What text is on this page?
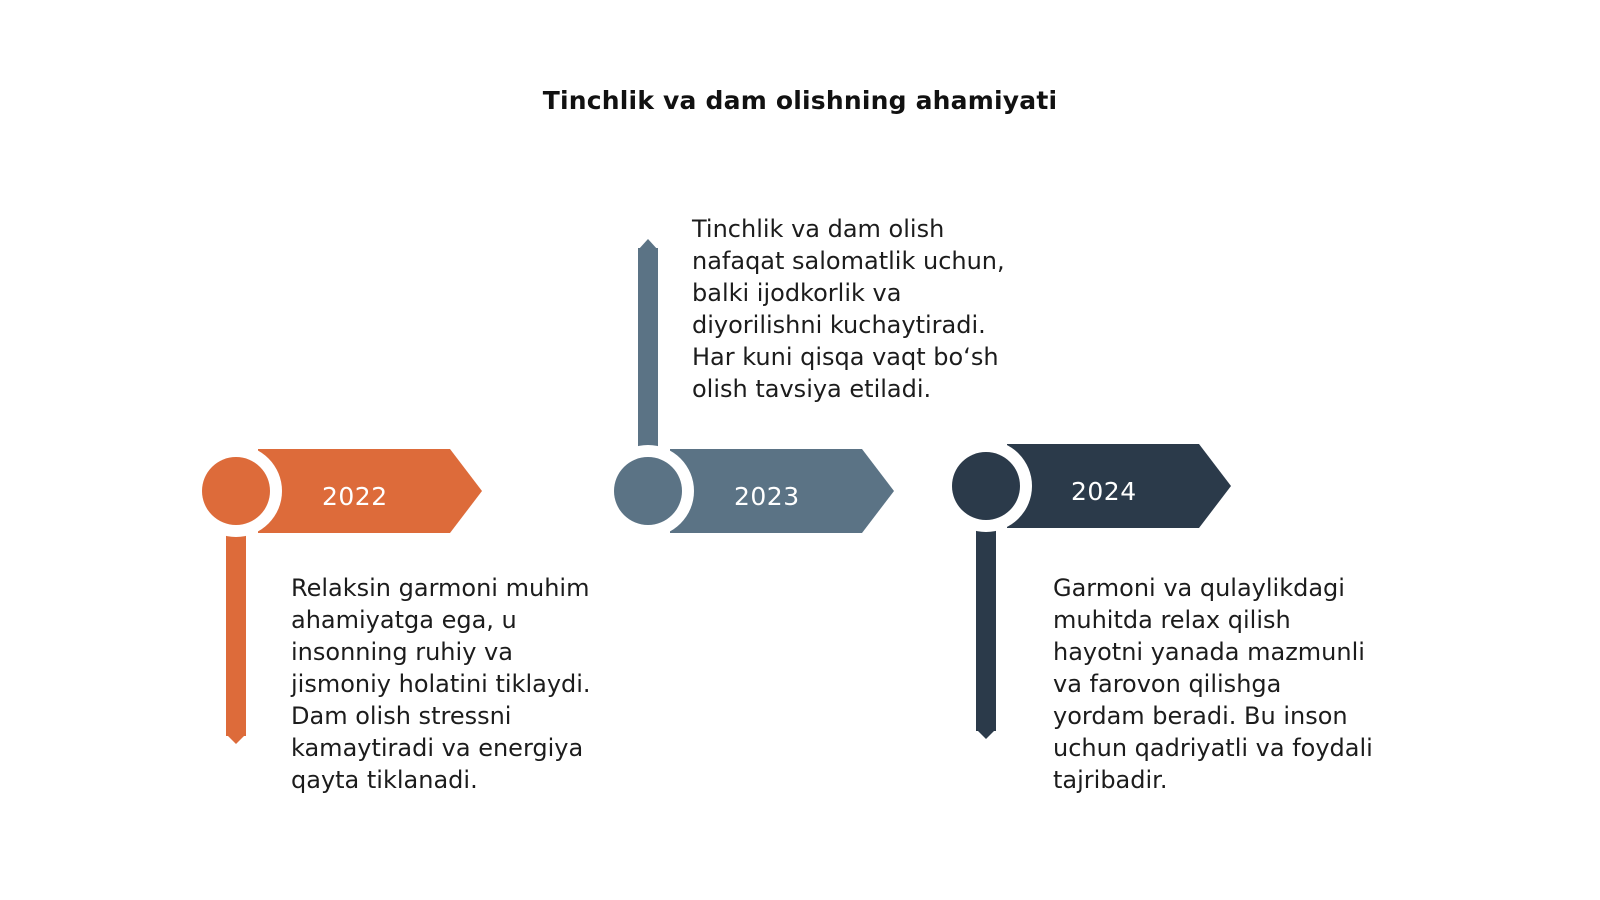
Tinchlik va dam olishning ahamiyati
2022	2023	2024
Relaksin garmoni muhim
ahamiyatga ega, u
insonning ruhiy va
jismoniy holatini tiklaydi.
Dam olish stressni
kamaytiradi va energiya
qayta tiklanadi.
Tinchlik va dam olish
nafaqat salomatlik uchun,
balki ijodkorlik va
diyorilishni kuchaytiradi.
Har kuni qisqa vaqt bo‘sh
olish tavsiya etiladi.
Garmoni va qulaylikdagi
muhitda relax qilish
hayotni yanada mazmunli
va farovon qilishga
yordam beradi. Bu inson
uchun qadriyatli va foydali
tajribadir.
